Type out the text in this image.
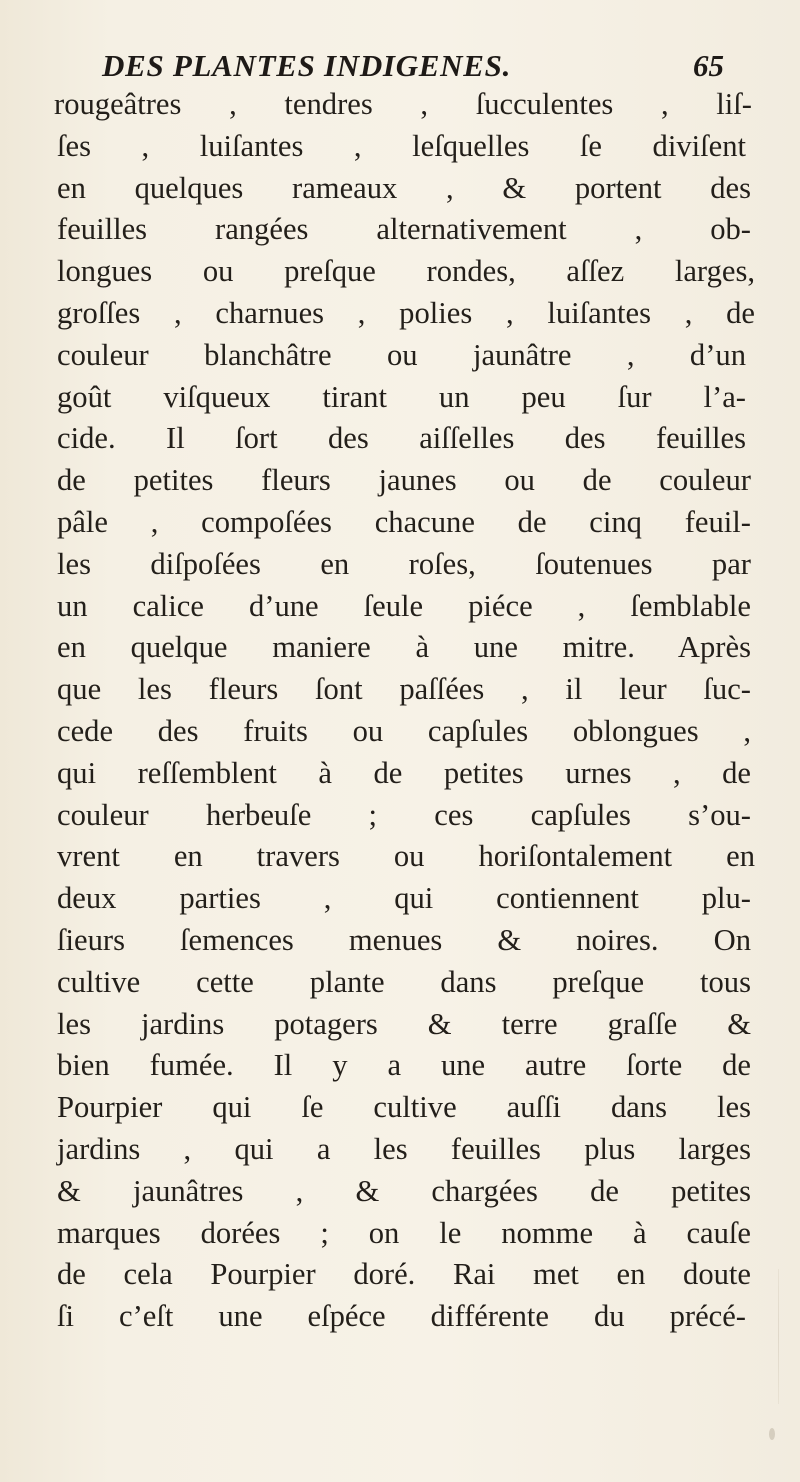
DES PLANTES INDIGENES.	65
rougeâtres , tendres , ſucculentes , liſ-
ſes , luiſantes , leſquelles ſe diviſent
en quelques rameaux , & portent des
feuilles rangées alternativement , ob-
longues ou preſque rondes, aſſez larges,
groſſes , charnues , polies , luiſantes , de
couleur blanchâtre ou jaunâtre , d’un
goût viſqueux tirant un peu ſur l’a-
cide. Il ſort des aiſſelles des feuilles
de petites fleurs jaunes ou de couleur
pâle , compoſées chacune de cinq feuil-
les diſpoſées en roſes, ſoutenues par
un calice d’une ſeule piéce , ſemblable
en quelque maniere à une mitre. Après
que les fleurs ſont paſſées , il leur ſuc-
cede des fruits ou capſules oblongues ,
qui reſſemblent à de petites urnes , de
couleur herbeuſe ; ces capſules s’ou-
vrent en travers ou horiſontalement en
deux parties , qui contiennent plu-
ſieurs ſemences menues & noires. On
cultive cette plante dans preſque tous
les jardins potagers & terre graſſe &
bien fumée. Il y a une autre ſorte de
Pourpier qui ſe cultive auſſi dans les
jardins , qui a les feuilles plus larges
& jaunâtres , & chargées de petites
marques dorées ; on le nomme à cauſe
de cela Pourpier doré. Rai met en doute
ſi c’eſt une eſpéce différente du précé-
